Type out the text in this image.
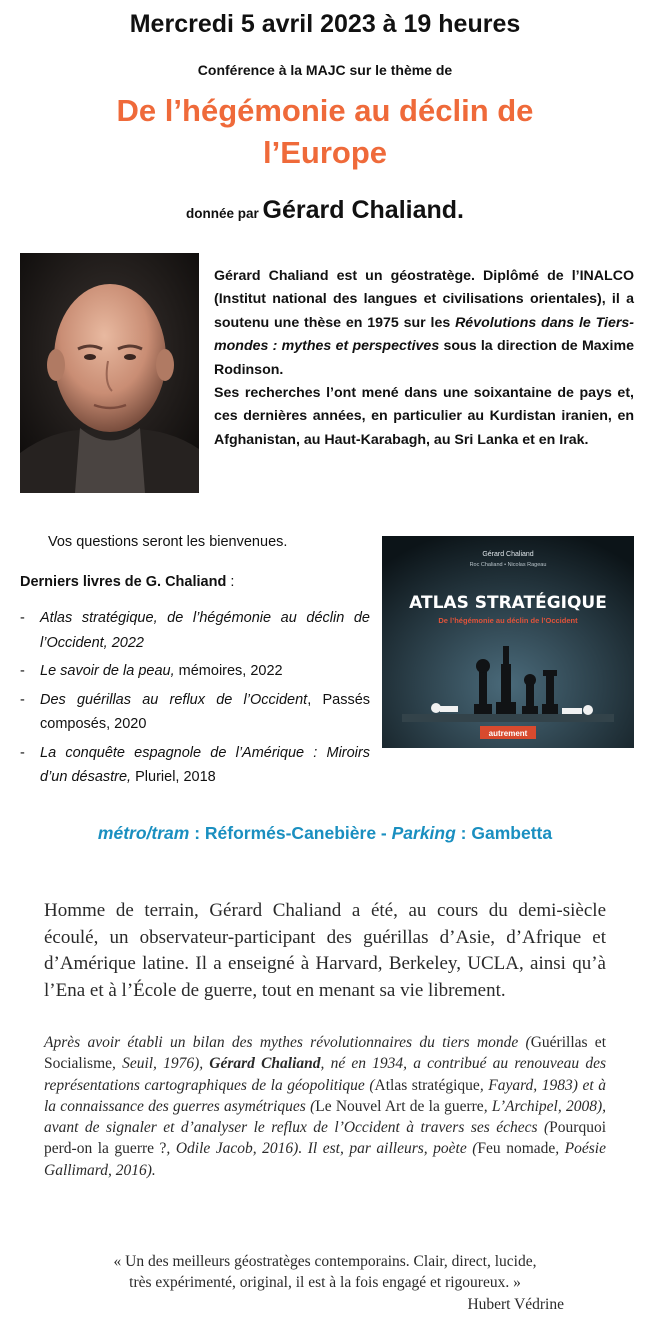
Mercredi 5 avril 2023 à 19 heures
Conférence à la MAJC sur le thème de
De l’hégémonie au déclin de
l’Europe
donnée par Gérard Chaliand.

Gérard Chaliand est un géostratège. Diplômé de l’INALCO (Institut national des langues et civilisations orientales), il a soutenu une thèse en 1975 sur les Révolutions dans le Tiers-mondes : mythes et perspectives sous la direction de Maxime Rodinson.

Ses recherches l’ont mené dans une soixantaine de pays et, ces dernières années, en particulier au Kurdistan iranien, en Afghanistan, au Haut-Karabagh, au Sri Lanka et en Irak.

Vos questions seront les bienvenues.
Derniers livres de G. Chaliand :
- Atlas stratégique, de l’hégémonie au déclin de l’Occident, 2022
- Le savoir de la peau, mémoires, 2022
- Des guérillas au reflux de l’Occident, Passés composés, 2020
- La conquête espagnole de l’Amérique : Miroirs d’un désastre, Pluriel, 2018
Gérard Chaliand
Roc Chaliand • Nicolas Rageau
ATLAS STRATÉGIQUE
De l’hégémonie au déclin de l’Occident
autrement
métro/tram : Réformés-Canebière - Parking : Gambetta
Homme de terrain, Gérard Chaliand a été, au cours du demi-siècle écoulé, un observateur-participant des guérillas d’Asie, d’Afrique et d’Amérique latine. Il a enseigné à Harvard, Berkeley, UCLA, ainsi qu’à l’Ena et à l’École de guerre, tout en menant sa vie librement.
Après avoir établi un bilan des mythes révolutionnaires du tiers monde (Guérillas et Socialisme, Seuil, 1976), Gérard Chaliand, né en 1934, a contribué au renouveau des représentations cartographiques de la géopolitique (Atlas stratégique, Fayard, 1983) et à la connaissance des guerres asymétriques (Le Nouvel Art de la guerre, L’Archipel, 2008), avant de signaler et d’analyser le reflux de l’Occident à travers ses échecs (Pourquoi perd-on la guerre ?, Odile Jacob, 2016). Il est, par ailleurs, poète (Feu nomade, Poésie Gallimard, 2016).
« Un des meilleurs géostratèges contemporains. Clair, direct, lucide,
très expérimenté, original, il est à la fois engagé et rigoureux. »
Hubert Védrine
